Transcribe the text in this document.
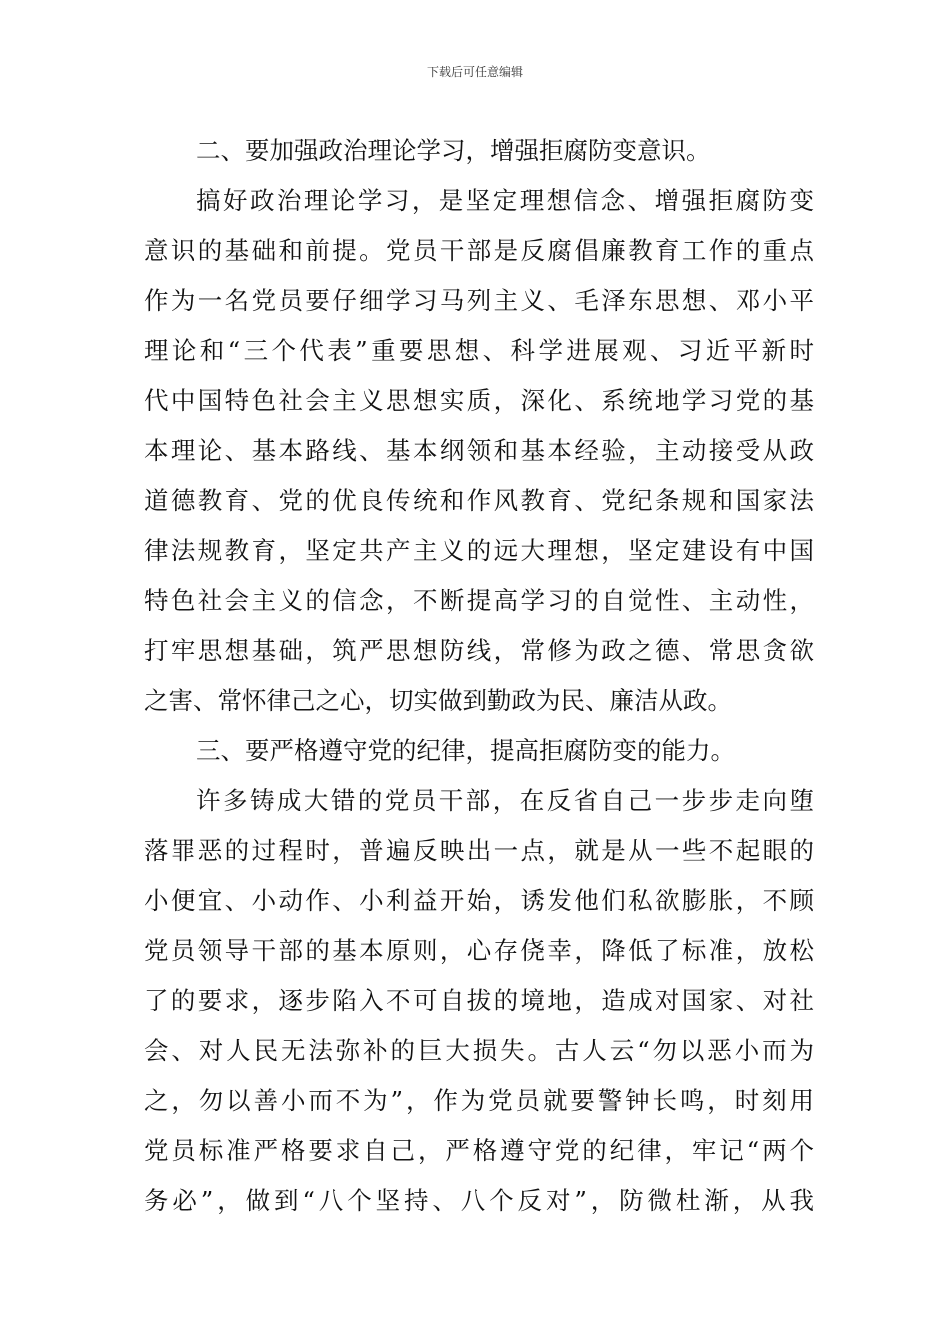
下载后可任意编辑
二、要加强政治理论学习，增强拒腐防变意识。
搞好政治理论学习，是坚定理想信念、增强拒腐防变
意识的基础和前提。党员干部是反腐倡廉教育工作的重点
作为一名党员要仔细学习马列主义、毛泽东思想、邓小平
理论和“三个代表”重要思想、科学进展观、习近平新时
代中国特色社会主义思想实质，深化、系统地学习党的基
本理论、基本路线、基本纲领和基本经验，主动接受从政
道德教育、党的优良传统和作风教育、党纪条规和国家法
律法规教育，坚定共产主义的远大理想，坚定建设有中国
特色社会主义的信念，不断提高学习的自觉性、主动性，
打牢思想基础，筑严思想防线，常修为政之德、常思贪欲
之害、常怀律己之心，切实做到勤政为民、廉洁从政。
三、要严格遵守党的纪律，提高拒腐防变的能力。
许多铸成大错的党员干部，在反省自己一步步走向堕
落罪恶的过程时，普遍反映出一点，就是从一些不起眼的
小便宜、小动作、小利益开始，诱发他们私欲膨胀，不顾
党员领导干部的基本原则，心存侥幸，降低了标准，放松
了的要求，逐步陷入不可自拔的境地，造成对国家、对社
会、对人民无法弥补的巨大损失。古人云“勿以恶小而为
之，勿以善小而不为”，作为党员就要警钟长鸣，时刻用
党员标准严格要求自己，严格遵守党的纪律，牢记“两个
务必”，做到“八个坚持、八个反对”，防微杜渐，从我
